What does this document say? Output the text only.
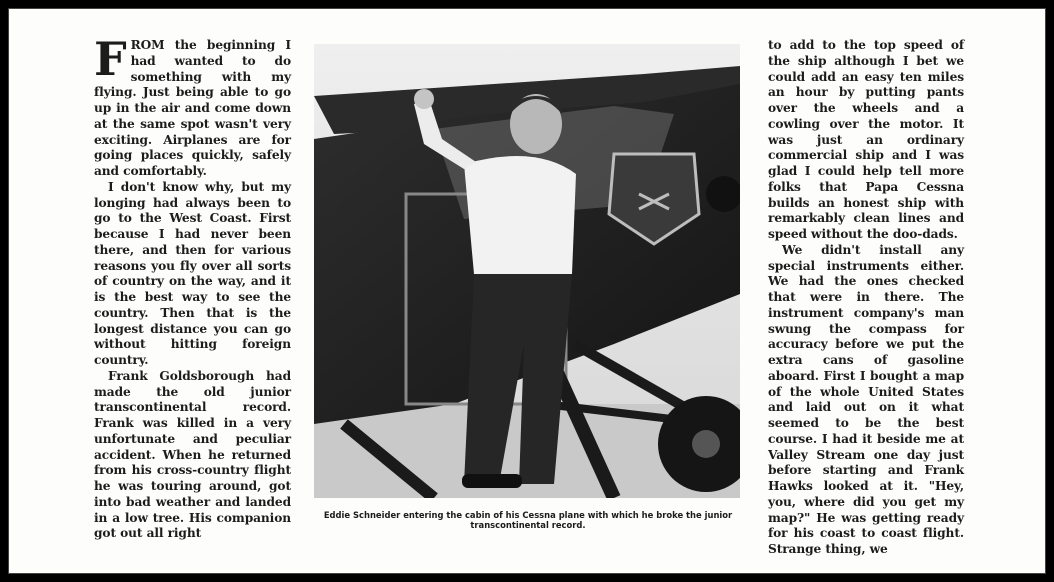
FROM the beginning I had wanted to do something with my flying. Just being able to go up in the air and come down at the same spot wasn't very exciting. Airplanes are for going places quickly, safely and comfortably.

I don't know why, but my longing had always been to go to the West Coast. First because I had never been there, and then for various reasons you fly over all sorts of country on the way, and it is the best way to see the country. Then that is the longest distance you can go without hitting foreign country.

Frank Goldsborough had made the old junior transcontinental record. Frank was killed in a very unfortunate and peculiar accident. When he returned from his cross-country flight he was touring around, got into bad weather and landed in a low tree. His companion got out all right

Eddie Schneider entering the cabin of his Cessna plane with which he broke the junior transcontinental record.

to add to the top speed of the ship although I bet we could add an easy ten miles an hour by putting pants over the wheels and a cowling over the motor. It was just an ordinary commercial ship and I was glad I could help tell more folks that Papa Cessna builds an honest ship with remarkably clean lines and speed without the doo-dads.

We didn't install any special instruments either. We had the ones checked that were in there. The instrument company's man swung the compass for accuracy before we put the extra cans of gasoline aboard. First I bought a map of the whole United States and laid out on it what seemed to be the best course. I had it beside me at Valley Stream one day just before starting and Frank Hawks looked at it. "Hey, you, where did you get my map?" He was getting ready for his coast to coast flight. Strange thing, we
